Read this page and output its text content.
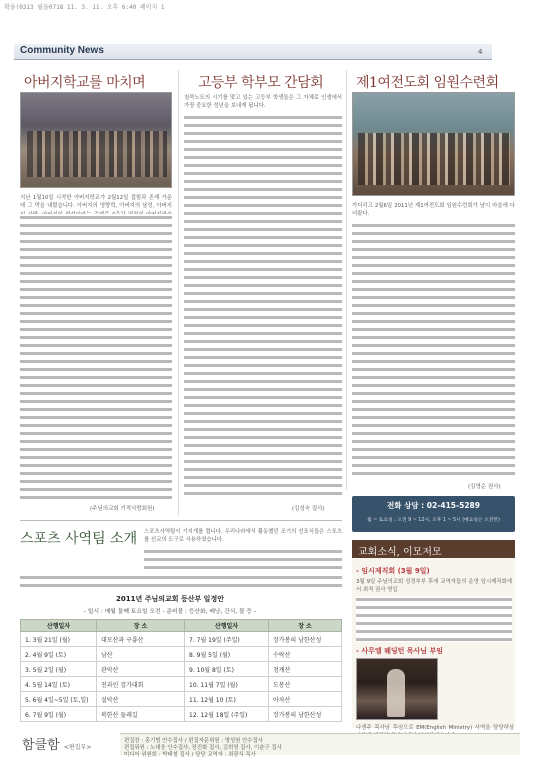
확을(0313 월을0718 11. 3. 11. 오후 6:40 페이지 1
Community News	4
아버지학교를 마치며
지난 1월10일 시작한 아버지학교가 2월12일 접힘과 존재 가운데 그 막을 내렸습니다. 아버지의 영향력, 아버지의 남성, 아버지
(주님의교회 기적사랑회원)
고등부 학부모 간담회
침묵노트의 시기를 맞고 있는 고등부 학생들은 그 자체로 인생에서 가장 중요한 성년을 보내게 됩니다.
(김성숙 집사)
제1여전도회 임원수련회
가더리고 2월6일 2011년 제1여전도회 임원수련회가 남이 마을에 다녀왔다.
(김영순 권사)
전화 상담 : 02-415-5289
월 ~ 토요일 : 오전 9 ~ 12시, 오후 1 ~ 5시 (매요일은 오전만)
스포츠 사역팀 소개 스포츠사역팀이 기지개를 켭니다. 우리나라에서 활동했던 조기의 선포식들은 스포츠를 선교의 도구로 사용하였습니다.
2011년 주님의교회 등산부 일정안
- 일시 : 매월 둘째 토요일 오전 - 준비물 : 등산화, 배낭, 간식, 물 등 -
산행일자	장 소	산행일자	장 소
1. 3월 21일 (월)	대모산과 구룡산	7. 7월 19일 (주일)	장가봉의 남한산성
2. 4월 9일 (토)	남산	8. 9월 5일 (월)	수락산
3. 5월 2일 (월)	관악산	9. 10월 8일 (토)	청계산
4. 5월 14일 (토)	천과인 검가대회	10. 11월 7일 (월)	도봉산
5. 6월 4일~5일 (토,일)	설악산	11. 12월 10 (토)	아차산
6. 7월 9일 (월)	북한산 둘레길	12. 12월 18일 (주일)	장가봉의 남한산성
교회소식, 이모저모
- 임시제직회 (3월 9일)
3월 9일 주님의교회 성경부부 후에 교역자들의 운영 임시제직회에서 최적 권사 영입
- 사무엘 웨딩턴 목사님 부임
나센주 목사님 후임으로 EM(English Ministry) 사역을 담당하실
함클함 <편집부>
편집장 : 홍기범 안수집사 / 편집자문위원 : 명성원 안수집사
편집위원 : 노대웅 안수집사, 장진화 집사, 김희영 집사, 이춘구 집사
미디어 위원회 : 박태철 집사 / 담당 교역자 : 최광식 목사
